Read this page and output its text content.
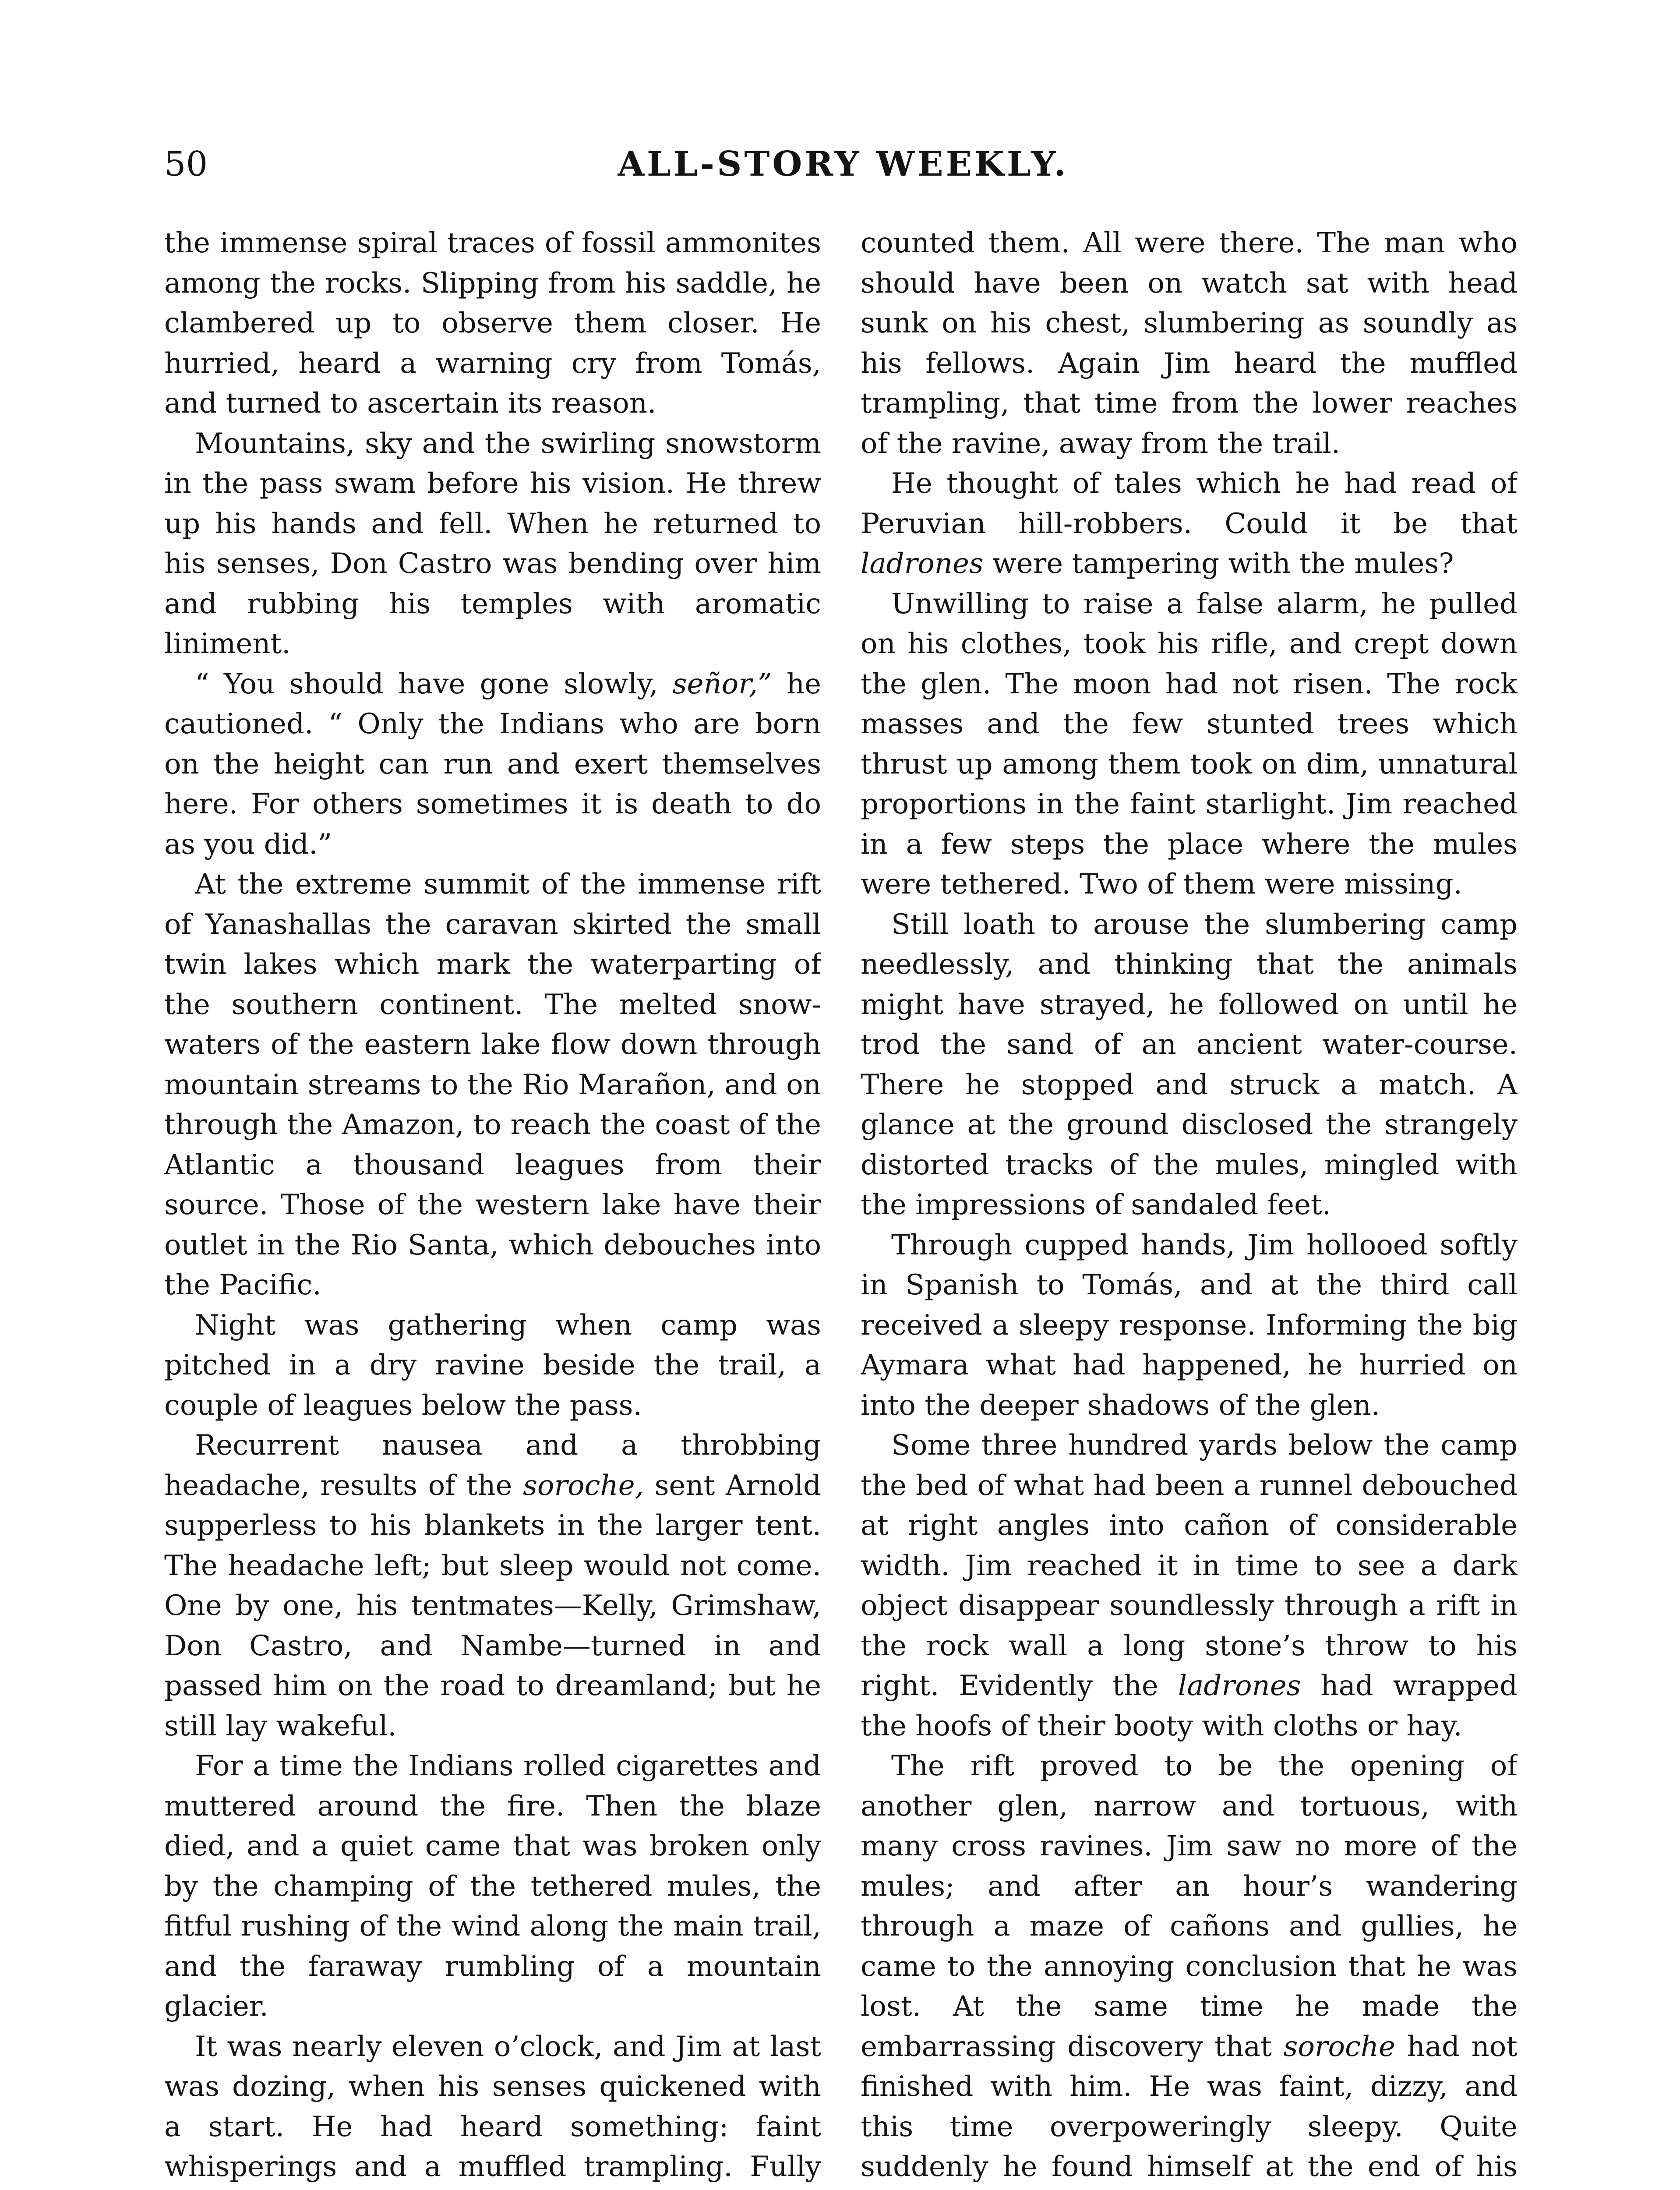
50	ALL-STORY WEEKLY.

the immense spiral traces of fossil ammonites among the rocks. Slipping from his saddle, he clambered up to observe them closer. He hurried, heard a warning cry from Tomás, and turned to ascertain its reason.

Mountains, sky and the swirling snowstorm in the pass swam before his vision. He threw up his hands and fell. When he returned to his senses, Don Castro was bending over him and rubbing his temples with aromatic liniment.

“ You should have gone slowly, señor,” he cautioned. “ Only the Indians who are born on the height can run and exert themselves here. For others sometimes it is death to do as you did.”

At the extreme summit of the immense rift of Yanashallas the caravan skirted the small twin lakes which mark the waterparting of the southern continent. The melted snow-waters of the eastern lake flow down through mountain streams to the Rio Marañon, and on through the Amazon, to reach the coast of the Atlantic a thousand leagues from their source. Those of the western lake have their outlet in the Rio Santa, which debouches into the Pacific.

Night was gathering when camp was pitched in a dry ravine beside the trail, a couple of leagues below the pass.

Recurrent nausea and a throbbing headache, results of the soroche, sent Arnold supperless to his blankets in the larger tent. The headache left; but sleep would not come. One by one, his tentmates—Kelly, Grimshaw, Don Castro, and Nambe—turned in and passed him on the road to dreamland; but he still lay wakeful.

For a time the Indians rolled cigarettes and muttered around the fire. Then the blaze died, and a quiet came that was broken only by the champing of the tethered mules, the fitful rushing of the wind along the main trail, and the faraway rumbling of a mountain glacier.

It was nearly eleven o’clock, and Jim at last was dozing, when his senses quickened with a start. He had heard something: faint whisperings and a muffled trampling. Fully

counted them. All were there. The man who should have been on watch sat with head sunk on his chest, slumbering as soundly as his fellows. Again Jim heard the muffled trampling, that time from the lower reaches of the ravine, away from the trail.

He thought of tales which he had read of Peruvian hill-robbers. Could it be that ladrones were tampering with the mules?

Unwilling to raise a false alarm, he pulled on his clothes, took his rifle, and crept down the glen. The moon had not risen. The rock masses and the few stunted trees which thrust up among them took on dim, unnatural proportions in the faint starlight. Jim reached in a few steps the place where the mules were tethered. Two of them were missing.

Still loath to arouse the slumbering camp needlessly, and thinking that the animals might have strayed, he followed on until he trod the sand of an ancient water-course. There he stopped and struck a match. A glance at the ground disclosed the strangely distorted tracks of the mules, mingled with the impressions of sandaled feet.

Through cupped hands, Jim hollooed softly in Spanish to Tomás, and at the third call received a sleepy response. Informing the big Aymara what had happened, he hurried on into the deeper shadows of the glen.

Some three hundred yards below the camp the bed of what had been a runnel debouched at right angles into cañon of considerable width. Jim reached it in time to see a dark object disappear soundlessly through a rift in the rock wall a long stone’s throw to his right. Evidently the ladrones had wrapped the hoofs of their booty with cloths or hay.

The rift proved to be the opening of another glen, narrow and tortuous, with many cross ravines. Jim saw no more of the mules; and after an hour’s wandering through a maze of cañons and gullies, he came to the annoying conclusion that he was lost. At the same time he made the embarrassing discovery that soroche had not finished with him. He was faint, dizzy, and this time overpoweringly sleepy. Quite suddenly he found himself at the end of his
